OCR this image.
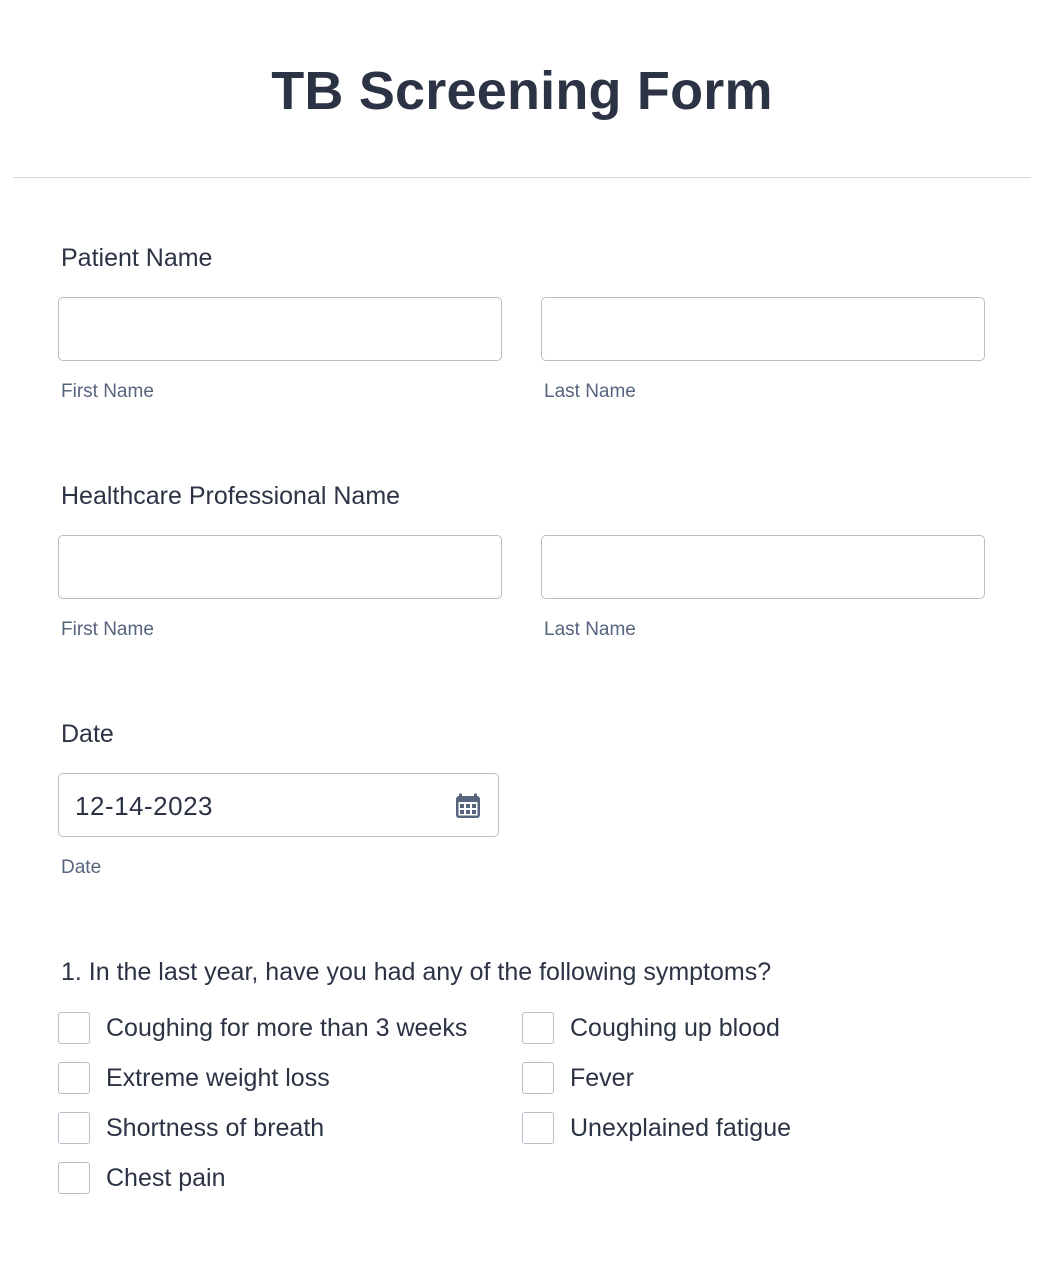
TB Screening Form
Patient Name
First Name	Last Name
Healthcare Professional Name
First Name	Last Name
Date
12-14-2023
Date
1. In the last year, have you had any of the following symptoms?
Coughing for more than 3 weeks	Coughing up blood
Extreme weight loss	Fever
Shortness of breath	Unexplained fatigue
Chest pain
